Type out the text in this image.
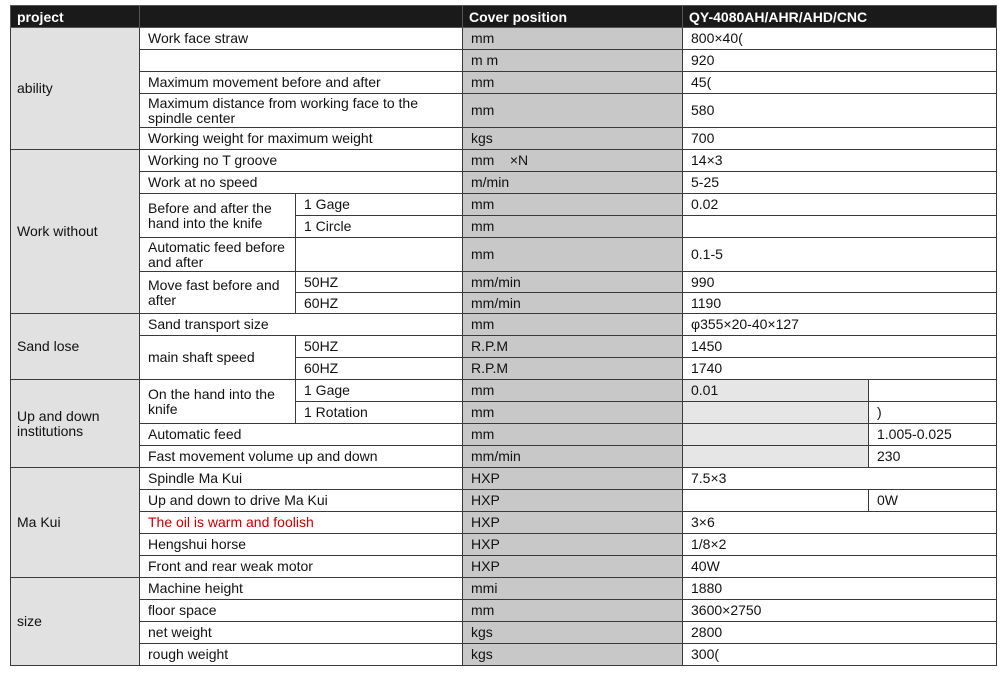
project			Cover position	QY-4080AH/AHR/AHD/CNC	
ability	Work face straw		mm	800×40(	
			m m	920	
	Maximum movement before and after		mm	45(	
	Maximum distance from working face to the spindle center		mm	580	
	Working weight for maximum weight		kgs	700	
Work without	Working no T groove		mm    ×N	14×3	
	Work at no speed		m/min	5-25	
	Before and after the hand into the knife	1 Gage	mm	0.02	
		1 Circle	mm		
	Automatic feed before and after		mm	0.1-5	
	Move fast before and after	50HZ	mm/min	990	
		60HZ	mm/min	1190	
Sand lose	Sand transport size		mm	φ355×20-40×127	
	main shaft speed	50HZ	R.P.M	1450	
		60HZ	R.P.M	1740	
Up and down institutions	On the hand into the knife	1 Gage	mm	0.01	
		1 Rotation	mm		)
	Automatic feed		mm		1.005-0.025
	Fast movement volume up and down		mm/min		230
Ma Kui	Spindle Ma Kui		HXP	7.5×3	
	Up and down to drive Ma Kui		HXP		0W
	The oil is warm and foolish		HXP	3×6	
	Hengshui horse		HXP	1/8×2	
	Front and rear weak motor		HXP	40W	
size	Machine height		mmi	1880	
	floor space		mm	3600×2750	
	net weight		kgs	2800	
	rough weight		kgs	300(	
